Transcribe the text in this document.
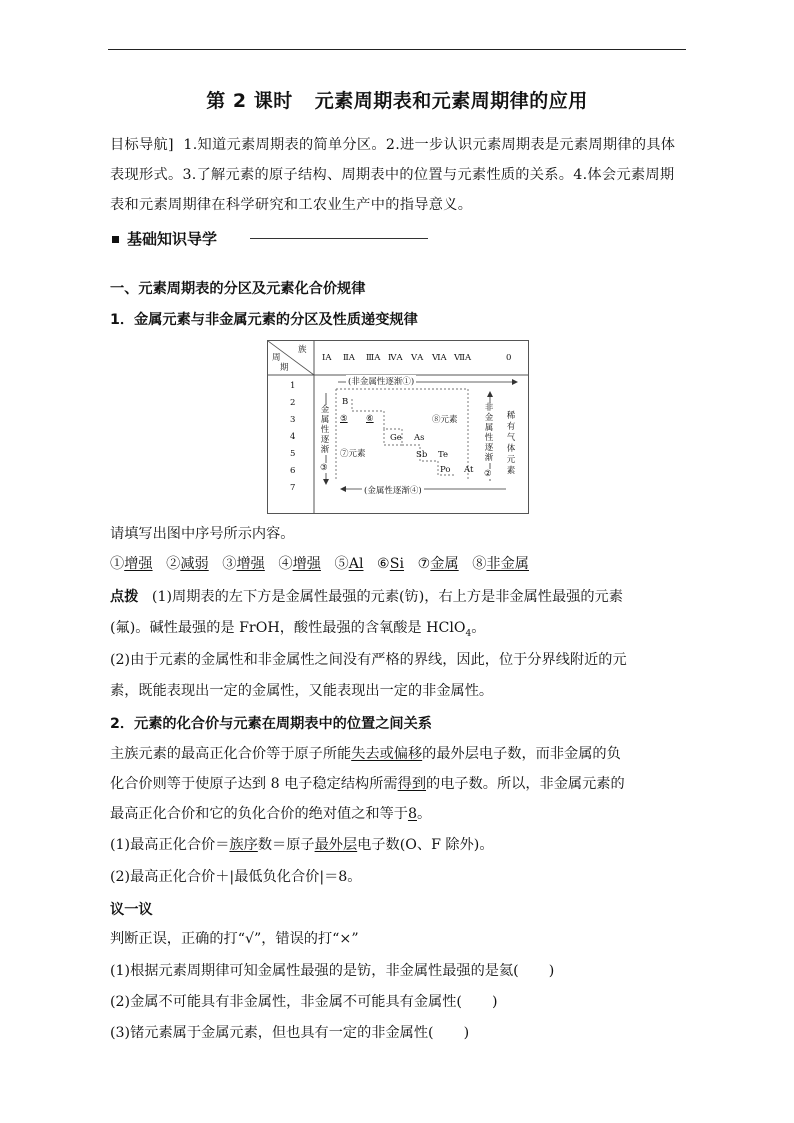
第 2 课时 元素周期表和元素周期律的应用
目标导航] 1.知道元素周期表的简单分区。2.进一步认识元素周期表是元素周期律的具体表现形式。3.了解元素的原子结构、周期表中的位置与元素性质的关系。4.体会元素周期表和元素周期律在科学研究和工农业生产中的指导意义。
基础知识导学
一、元素周期表的分区及元素化合价规律
1．金属元素与非金属元素的分区及性质递变规律
族
周
期
ⅠA ⅡA ⅢA ⅣA ⅤA ⅥA ⅦA	0
1
2
3
4
5
6
7
(非金属性逐渐①)
(金属性逐渐④)
金
属
性
逐
渐
③
非
金
属
性
逐
渐
②
稀
有
气
体
元
素
B
⑤ ⑥	⑧元素
Ge As
⑦元素	Sb Te
Po At
请填写出图中序号所示内容。
①增强 ②减弱 ③增强 ④增强 ⑤Al ⑥Si ⑦金属 ⑧非金属
点拨 (1)周期表的左下方是金属性最强的元素(钫)，右上方是非金属性最强的元素
(氟)。碱性最强的是 FrOH，酸性最强的含氧酸是 HClO$_4$。
(2)由于元素的金属性和非金属性之间没有严格的界线，因此，位于分界线附近的元
素，既能表现出一定的金属性，又能表现出一定的非金属性。
2．元素的化合价与元素在周期表中的位置之间关系
主族元素的最高正化合价等于原子所能失去或偏移的最外层电子数，而非金属的负
化合价则等于使原子达到 8 电子稳定结构所需得到的电子数。所以，非金属元素的
最高正化合价和它的负化合价的绝对值之和等于8。
(1)最高正化合价＝族序数＝原子最外层电子数(O、F 除外)。
(2)最高正化合价＋|最低负化合价|＝8。
议一议
判断正误，正确的打“√”，错误的打“×”
(1)根据元素周期律可知金属性最强的是钫，非金属性最强的是氦( )
(2)金属不可能具有非金属性，非金属不可能具有金属性( )
(3)锗元素属于金属元素，但也具有一定的非金属性( )
